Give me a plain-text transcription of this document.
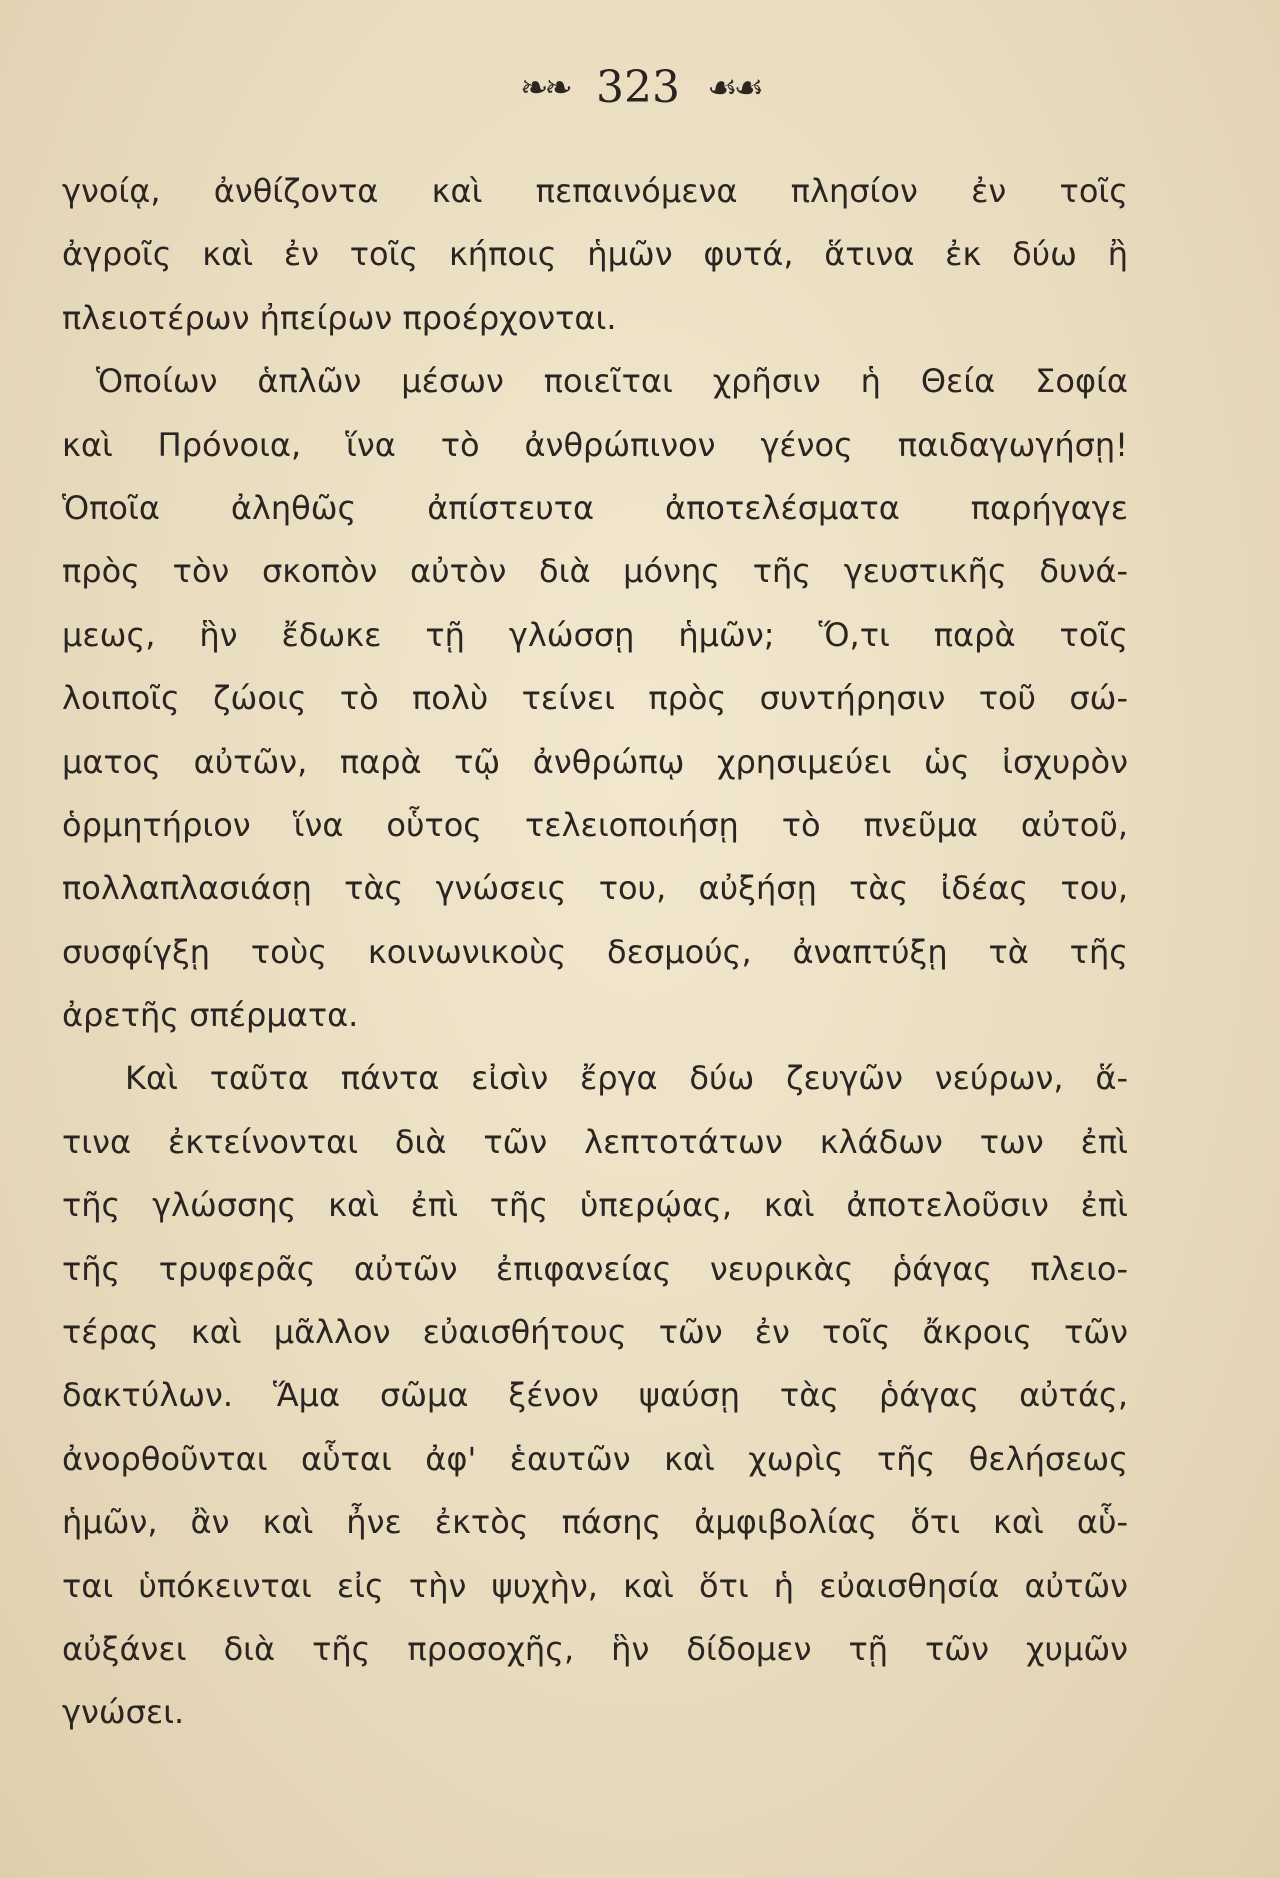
❧❧ 323 ☙☙
γνοίᾳ, ἀνθίζοντα καὶ πεπαινόμενα πλησίον ἐν τοῖς
ἀγροῖς καὶ ἐν τοῖς κήποις ἡμῶν φυτά, ἅτινα ἐκ δύω ἢ
πλειοτέρων ἠπείρων προέρχονται.
Ὁποίων ἁπλῶν μέσων ποιεῖται χρῆσιν ἡ Θεία Σοφία
καὶ Πρόνοια, ἵνα τὸ ἀνθρώπινον γένος παιδαγωγήσῃ!
Ὁποῖα ἀληθῶς ἀπίστευτα ἀποτελέσματα παρήγαγε
πρὸς τὸν σκοπὸν αὐτὸν διὰ μόνης τῆς γευστικῆς δυνά-
μεως, ἣν ἔδωκε τῇ γλώσσῃ ἡμῶν; Ὅ,τι παρὰ τοῖς
λοιποῖς ζώοις τὸ πολὺ τείνει πρὸς συντήρησιν τοῦ σώ-
ματος αὐτῶν, παρὰ τῷ ἀνθρώπῳ χρησιμεύει ὡς ἰσχυρὸν
ὁρμητήριον ἵνα οὗτος τελειοποιήσῃ τὸ πνεῦμα αὐτοῦ,
πολλαπλασιάσῃ τὰς γνώσεις του, αὐξήσῃ τὰς ἰδέας του,
συσφίγξῃ τοὺς κοινωνικοὺς δεσμούς, ἀναπτύξῃ τὰ τῆς
ἀρετῆς σπέρματα.
Καὶ ταῦτα πάντα εἰσὶν ἔργα δύω ζευγῶν νεύρων, ἅ-
τινα ἐκτείνονται διὰ τῶν λεπτοτάτων κλάδων των ἐπὶ
τῆς γλώσσης καὶ ἐπὶ τῆς ὑπερῴας, καὶ ἀποτελοῦσιν ἐπὶ
τῆς τρυφερᾶς αὐτῶν ἐπιφανείας νευρικὰς ῥάγας πλειο-
τέρας καὶ μᾶλλον εὐαισθήτους τῶν ἐν τοῖς ἄκροις τῶν
δακτύλων. Ἅμα σῶμα ξένον ψαύσῃ τὰς ῥάγας αὐτάς,
ἀνορθοῦνται αὗται ἀφ' ἑαυτῶν καὶ χωρὶς τῆς θελήσεως
ἡμῶν, ἂν καὶ ἦνε ἐκτὸς πάσης ἀμφιβολίας ὅτι καὶ αὗ-
ται ὑπόκεινται εἰς τὴν ψυχὴν, καὶ ὅτι ἡ εὐαισθησία αὐτῶν
αὐξάνει διὰ τῆς προσοχῆς, ἣν δίδομεν τῇ τῶν χυμῶν
γνώσει.
